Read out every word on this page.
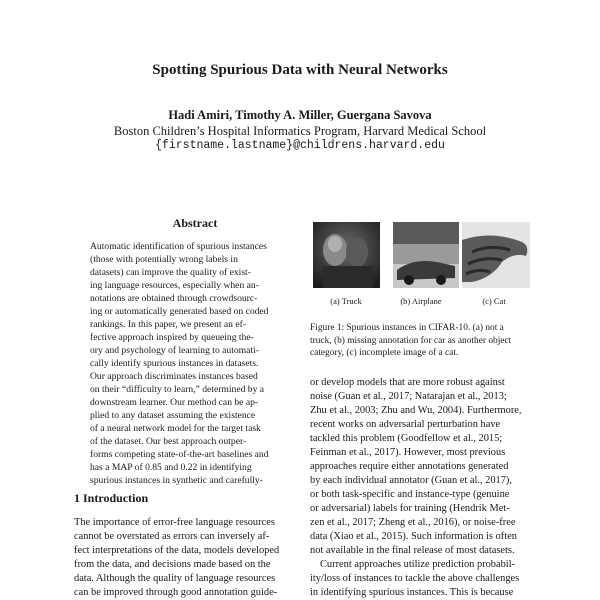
Spotting Spurious Data with Neural Networks
Hadi Amiri, Timothy A. Miller, Guergana Savova
Boston Children’s Hospital Informatics Program, Harvard Medical School
{firstname.lastname}@childrens.harvard.edu
Abstract
Automatic identification of spurious instances
(those with potentially wrong labels in
datasets) can improve the quality of exist-
ing language resources, especially when an-
notations are obtained through crowdsourc-
ing or automatically generated based on coded
rankings. In this paper, we present an ef-
fective approach inspired by queueing the-
ory and psychology of learning to automati-
cally identify spurious instances in datasets.
Our approach discriminates instances based
on their “difficulty to learn,” determined by a
downstream learner. Our method can be ap-
plied to any dataset assuming the existence
of a neural network model for the target task
of the dataset. Our best approach outper-
forms competing state-of-the-art baselines and
has a MAP of 0.85 and 0.22 in identifying
spurious instances in synthetic and carefully-
1 Introduction
The importance of error-free language resources
cannot be overstated as errors can inversely af-
fect interpretations of the data, models developed
from the data, and decisions made based on the
data. Although the quality of language resources
can be improved through good annotation guide-
(a) Truck	(b) Airplane	(c) Cat
Figure 1: Spurious instances in CIFAR-10. (a) not a
truck, (b) missing annotation for car as another object
category, (c) incomplete image of a cat.
or develop models that are more robust against
noise (Guan et al., 2017; Natarajan et al., 2013;
Zhu et al., 2003; Zhu and Wu, 2004). Furthermore,
recent works on adversarial perturbation have
tackled this problem (Goodfellow et al., 2015;
Feinman et al., 2017). However, most previous
approaches require either annotations generated
by each individual annotator (Guan et al., 2017),
or both task-specific and instance-type (genuine
or adversarial) labels for training (Hendrik Met-
zen et al., 2017; Zheng et al., 2016), or noise-free
data (Xiao et al., 2015). Such information is often
not available in the final release of most datasets.
Current approaches utilize prediction probabil-
ity/loss of instances to tackle the above challenges
in identifying spurious instances. This is because
